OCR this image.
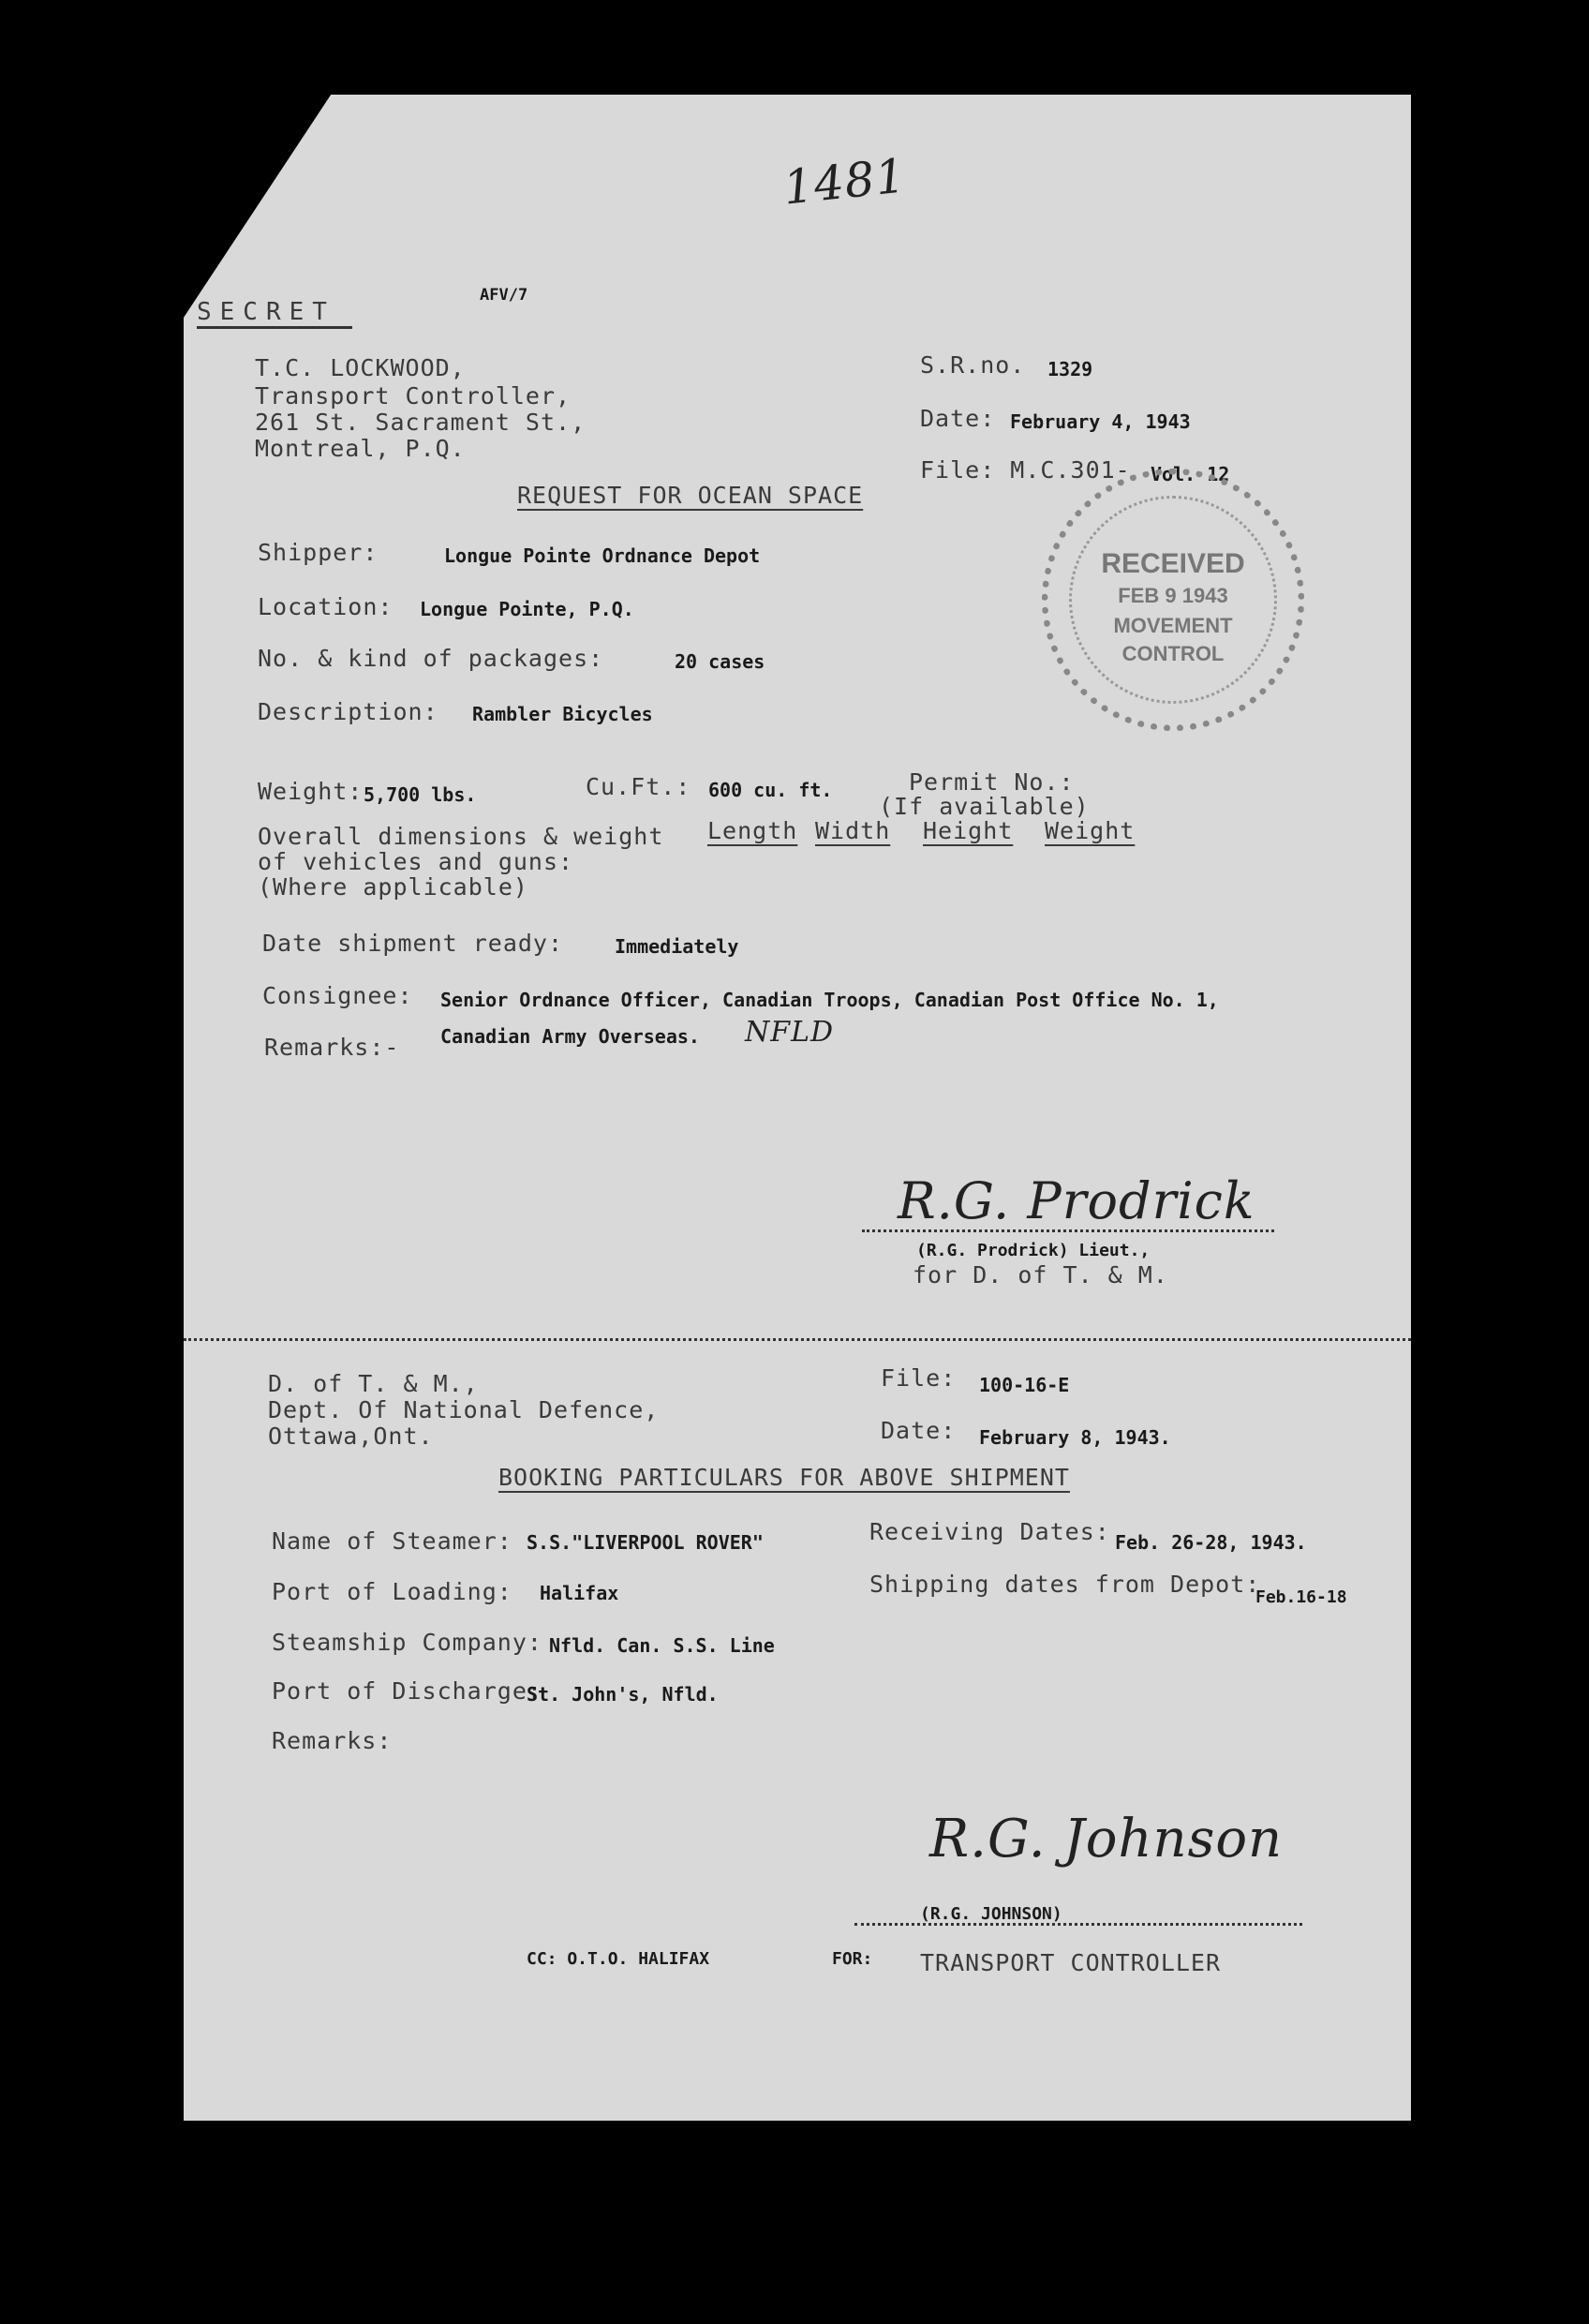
1481
SECRET
AFV/7
T.C. LOCKWOOD,
Transport Controller,
261 St. Sacrament St.,
Montreal, P.Q.
S.R.no. 1329
Date: February 4, 1943
File: M.C.301- Vol. 12
RECEIVED
FEB 9 1943
MOVEMENT
CONTROL
REQUEST FOR OCEAN SPACE
Shipper:	Longue Pointe Ordnance Depot
Location: Longue Pointe, P.Q.
No. & kind of packages:	20 cases
Description: Rambler Bicycles
Weight: 5,700 lbs.	Cu.Ft.: 600 cu. ft.	Permit No.:
(If available)
Overall dimensions & weight
of vehicles and guns:
(Where applicable)
Length Width Height Weight
Date shipment ready:	Immediately
Consignee: Senior Ordnance Officer, Canadian Troops, Canadian Post Office No. 1,
Canadian Army Overseas. NFLD
Remarks:-
R.G. Prodrick
(R.G. Prodrick) Lieut.,
for D. of T. & M.
D. of T. & M.,
Dept. Of National Defence,
Ottawa,Ont.
File: 100-16-E
Date: February 8, 1943.
BOOKING PARTICULARS FOR ABOVE SHIPMENT
Name of Steamer: S.S."LIVERPOOL ROVER"	Receiving Dates: Feb. 26-28, 1943.
Port of Loading: Halifax	Shipping dates from Depot:
Feb.16-18
Steamship Company: Nfld. Can. S.S. Line
Port of Discharge:
St. John's, Nfld.
Remarks:
R.G. Johnson
(R.G. JOHNSON)
CC: O.T.O. HALIFAX	FOR: TRANSPORT CONTROLLER
